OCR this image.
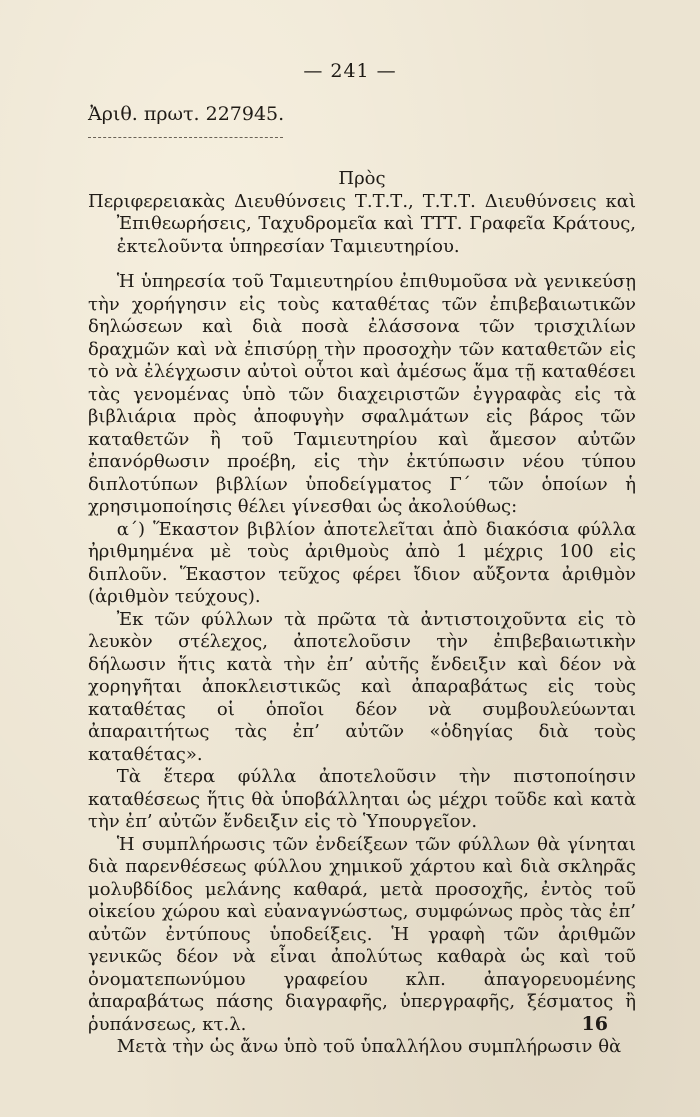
— 241 —
Ἀριθ. πρωτ. 227945.

Πρὸς

Περιφερειακὰς Διευθύνσεις Τ.Τ.Τ., Τ.Τ.Τ. Διευθύνσεις καὶ Ἐπιθεωρήσεις, Ταχυδρομεῖα καὶ ΤΤΤ. Γραφεῖα Κράτους, ἐκτελοῦντα ὑπηρεσίαν Ταμιευτηρίου.

Ἡ ὑπηρεσία τοῦ Ταμιευτηρίου ἐπιθυμοῦσα νὰ γενικεύσῃ τὴν χορήγησιν εἰς τοὺς καταθέτας τῶν ἐπιβεβαιωτικῶν δηλώσεων καὶ διὰ ποσὰ ἐλάσσονα τῶν τρισχιλίων δραχμῶν καὶ νὰ ἐπισύρῃ τὴν προσοχὴν τῶν καταθετῶν εἰς τὸ νὰ ἐλέγχωσιν αὐτοὶ οὗτοι καὶ ἀμέσως ἅμα τῇ καταθέσει τὰς γενομένας ὑπὸ τῶν διαχειριστῶν ἐγγραφὰς εἰς τὰ βιβλιάρια πρὸς ἀποφυγὴν σφαλμάτων εἰς βάρος τῶν καταθετῶν ἢ τοῦ Ταμιευτηρίου καὶ ἄμεσον αὐτῶν ἐπανόρθωσιν προέβη, εἰς τὴν ἐκτύπωσιν νέου τύπου διπλοτύπων βιβλίων ὑποδείγματος Γ΄ τῶν ὁποίων ἡ χρησιμοποίησις θέλει γίνεσθαι ὡς ἀκολούθως:

α΄) Ἕκαστον βιβλίον ἀποτελεῖται ἀπὸ διακόσια φύλλα ἠριθμημένα μὲ τοὺς ἀριθμοὺς ἀπὸ 1 μέχρις 100 εἰς διπλοῦν. Ἕκαστον τεῦχος φέρει ἴδιον αὔξοντα ἀριθμὸν (ἀριθμὸν τεύχους).

Ἐκ τῶν φύλλων τὰ πρῶτα τὰ ἀντιστοιχοῦντα εἰς τὸ λευκὸν στέλεχος, ἀποτελοῦσιν τὴν ἐπιβεβαιωτικὴν δήλωσιν ἥτις κατὰ τὴν ἐπ’ αὐτῆς ἔνδειξιν καὶ δέον νὰ χορηγῆται ἀποκλειστικῶς καὶ ἀπαραβάτως εἰς τοὺς καταθέτας οἱ ὁποῖοι δέον νὰ συμβουλεύωνται ἀπαραιτήτως τὰς ἐπ’ αὐτῶν «ὁδηγίας διὰ τοὺς καταθέτας».

Τὰ ἕτερα φύλλα ἀποτελοῦσιν τὴν πιστοποίησιν καταθέσεως ἥτις θὰ ὑποβάλληται ὡς μέχρι τοῦδε καὶ κατὰ τὴν ἐπ’ αὐτῶν ἔνδειξιν εἰς τὸ Ὑπουργεῖον.

Ἡ συμπλήρωσις τῶν ἐνδείξεων τῶν φύλλων θὰ γίνηται διὰ παρενθέσεως φύλλου χημικοῦ χάρτου καὶ διὰ σκληρᾶς μολυβδίδος μελάνης καθαρά, μετὰ προσοχῆς, ἐντὸς τοῦ οἰκείου χώρου καὶ εὐαναγνώστως, συμφώνως πρὸς τὰς ἐπ’ αὐτῶν ἐντύπους ὑποδείξεις. Ἡ γραφὴ τῶν ἀριθμῶν γενικῶς δέον νὰ εἶναι ἀπολύτως καθαρὰ ὡς καὶ τοῦ ὀνοματεπωνύμου γραφείου κλπ. ἀπαγορευομένης ἀπαραβάτως πάσης διαγραφῆς, ὑπεργραφῆς, ξέσματος ἢ ῥυπάνσεως, κτ.λ.

Μετὰ τὴν ὡς ἄνω ὑπὸ τοῦ ὑπαλλήλου συμπλήρωσιν θὰ

16
